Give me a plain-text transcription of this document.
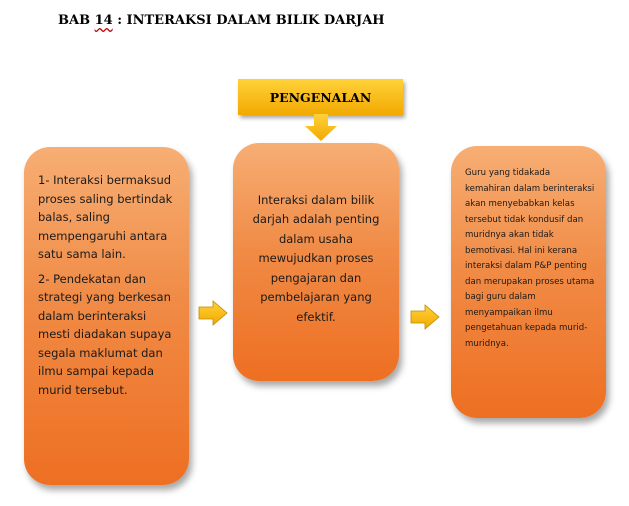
BAB 14 : INTERAKSI DALAM BILIK DARJAH
PENGENALAN

1- Interaksi bermaksud proses saling bertindak balas, saling mempengaruhi antara satu sama lain.

2- Pendekatan dan strategi yang berkesan dalam berinteraksi mesti diadakan supaya segala maklumat dan ilmu sampai kepada murid tersebut.

Interaksi dalam bilik darjah adalah penting dalam usaha mewujudkan proses pengajaran dan pembelajaran yang efektif.
Guru yang tidakada kemahiran dalam berinteraksi akan menyebabkan kelas tersebut tidak kondusif dan muridnya akan tidak bemotivasi. Hal ini kerana interaksi dalam P&P penting dan merupakan proses utama bagi guru dalam menyampaikan ilmu pengetahuan kepada murid-muridnya.
